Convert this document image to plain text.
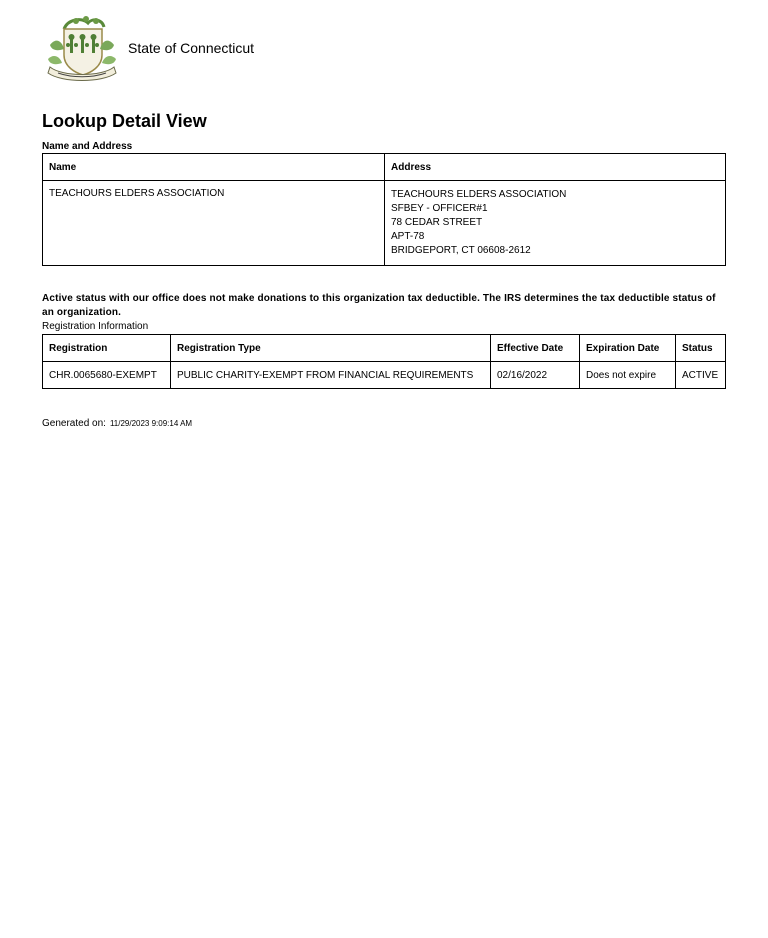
State of Connecticut
Lookup Detail View
Name and Address
Name	Address
TEACHOURS ELDERS ASSOCIATION	TEACHOURS ELDERS ASSOCIATION
SFBEY - OFFICER#1
78 CEDAR STREET
APT-78
BRIDGEPORT, CT 06608-2612
Active status with our office does not make donations to this organization tax deductible. The IRS determines the tax deductible status of an organization.
Registration Information
Registration	Registration Type	Effective Date	Expiration Date	Status
CHR.0065680-EXEMPT	PUBLIC CHARITY-EXEMPT FROM FINANCIAL REQUIREMENTS	02/16/2022	Does not expire	ACTIVE
Generated on: 11/29/2023 9:09:14 AM
